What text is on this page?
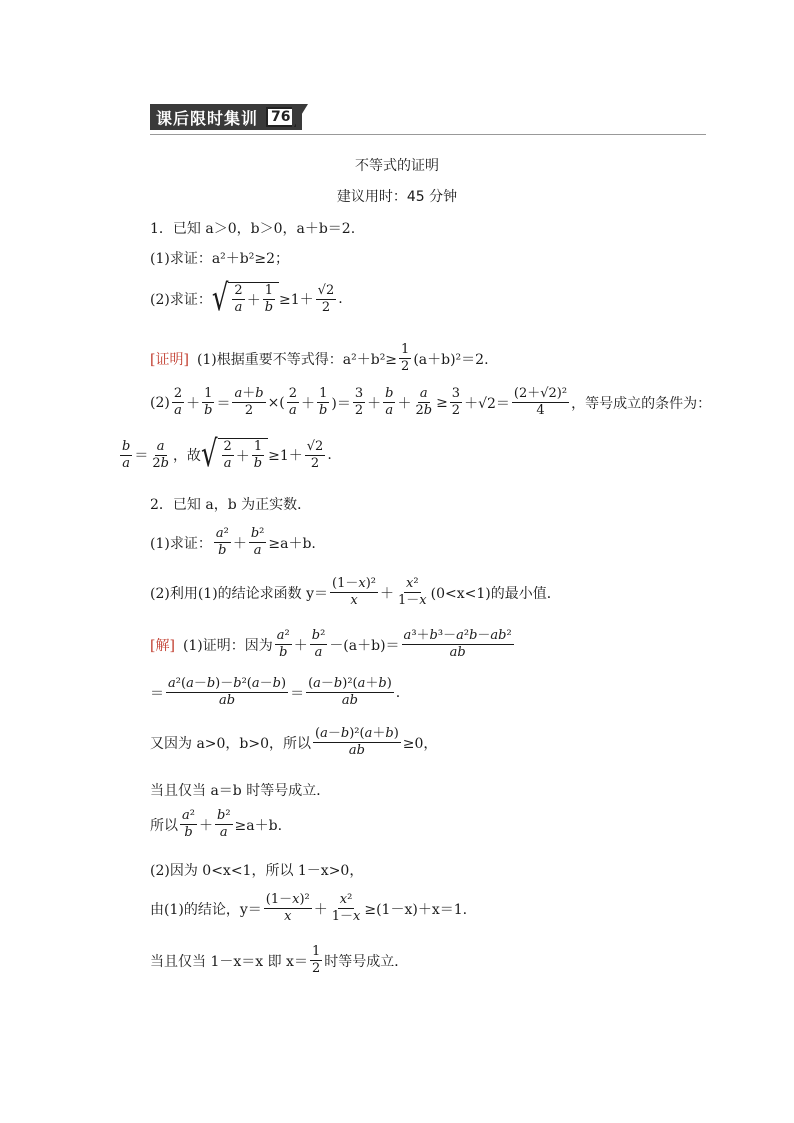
课后限时集训 76
不等式的证明
建议用时：45 分钟
1．已知 a＞0，b＞0，a＋b＝2.
(1)求证：a²＋b²≥2；
(2)求证： √ $\frac{2}{a} + \frac{1}{b} \ge 1+ \frac{√2}{2}$ .
[证明] (1)根据重要不等式得：$a^2+b^2\ge \frac{1}{2} (a+b)^2=2$.
$(2) \frac{2}{a} + \frac{1}{b} = \frac{a+b}{2}$ ×( $\frac{2}{a} + \frac{1}{b}$ )＝ $\frac{3}{2} + \frac{b}{a} + \frac{a}{2b} \ge \frac{3}{2} +√2= \frac{\text{(2＋√2)²}}{4}$ ，等号成立的条件为：
$\frac{b}{a} = \frac{a}{2b}$ ，故 √ $\frac{2}{a} + \frac{1}{b} \ge 1+ \frac{√2}{2}$ .
2．已知 a，b 为正实数．
(1)求证： $\frac{\text{a²}}{b} + \frac{\text{b²}}{a} \ge a+b$.
(2)利用(1)的结论求函数 $y= \frac{\text{(1－x)²}}{x} + \frac{\text{x²}}{1-x} (0<x<1)$的最小值．
[解] (1)证明：因为 $\frac{\text{a²}}{b} + \frac{\text{b²}}{a} -(a+b)= \frac{\text{a³＋b³－a²b－ab²}}{ab}$
＝ $\frac{\text{a²(a－b)－b²(a－b)}}{ab} = \frac{\text{(a－b)²(a＋b)}}{ab}$ .
又因为 a>0，b>0，所以 $\frac{\text{(a－b)²(a＋b)}}{ab} \ge 0$，
当且仅当 a＝b 时等号成立．
所以 $\frac{\text{a²}}{b} + \frac{\text{b²}}{a} \ge a+b$.
(2)因为 0<x<1，所以 1－x>0，
由(1)的结论，$y= \frac{\text{(1－x)²}}{x} + \frac{\text{x²}}{1-x} \ge(1-x)+x=1$.
当且仅当 1－x＝x 即 $x= \frac{1}{2}$ 时等号成立．
